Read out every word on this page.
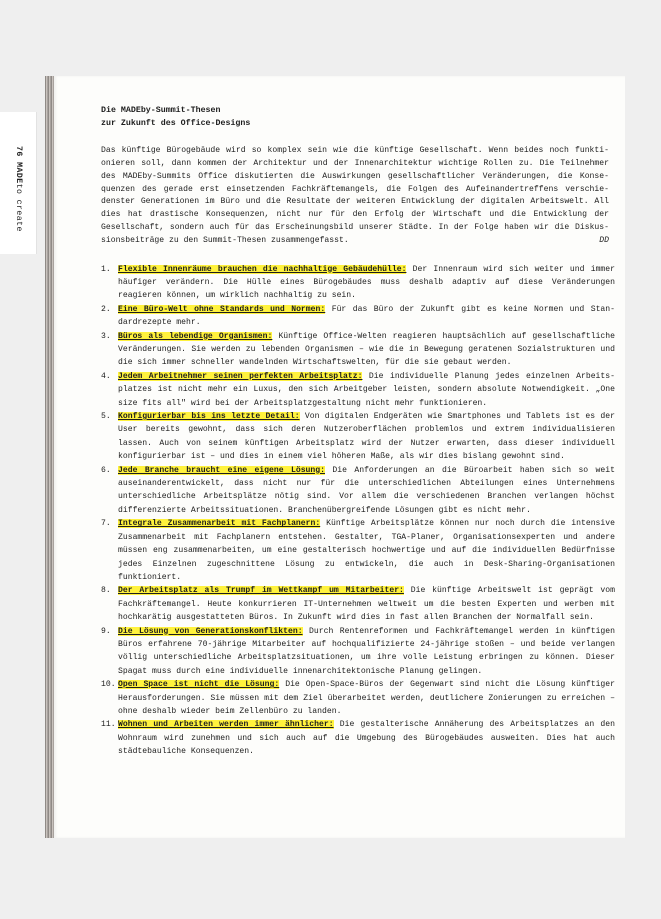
76 MADEto create
Die MADEby-Summit-Thesen
zur Zukunft des Office-Designs

Das künftige Bürogebäude wird so komplex sein wie die künftige Gesellschaft. Wenn beides noch funktionieren soll, dann kommen der Architektur und der Innenarchitektur wichtige Rollen zu. Die Teilnehmer des MADEby-Summits Office diskutierten die Auswirkungen gesellschaftlicher Veränderungen, die Konsequenzen des gerade erst einsetzenden Fachkräftemangels, die Folgen des Aufeinandertreffens verschiedenster Generationen im Büro und die Resultate der weiteren Entwicklung der digitalen Arbeitswelt. All dies hat drastische Konsequenzen, nicht nur für den Erfolg der Wirtschaft und die Entwicklung der Gesellschaft, sondern auch für das Erscheinungsbild unserer Städte. In der Folge haben wir die Diskussionsbeiträge zu den Summit-Thesen zusammengefasst.	DD

1. Flexible Innenräume brauchen die nachhaltige Gebäudehülle: Der Innenraum wird sich weiter und immer häufiger verändern. Die Hülle eines Bürogebäudes muss deshalb adaptiv auf diese Veränderungen reagieren können, um wirklich nachhaltig zu sein.
2. Eine Büro-Welt ohne Standards und Normen: Für das Büro der Zukunft gibt es keine Normen und Standardrezepte mehr.
3. Büros als lebendige Organismen: Künftige Office-Welten reagieren hauptsächlich auf gesellschaftliche Veränderungen. Sie werden zu lebenden Organismen – wie die in Bewegung geratenen Sozialstrukturen und die sich immer schneller wandelnden Wirtschaftswelten, für die sie gebaut werden.
4. Jedem Arbeitnehmer seinen perfekten Arbeitsplatz: Die individuelle Planung jedes einzelnen Arbeitsplatzes ist nicht mehr ein Luxus, den sich Arbeitgeber leisten, sondern absolute Notwendigkeit. „One size fits all" wird bei der Arbeitsplatzgestaltung nicht mehr funktionieren.
5. Konfigurierbar bis ins letzte Detail: Von digitalen Endgeräten wie Smartphones und Tablets ist es der User bereits gewohnt, dass sich deren Nutzeroberflächen problemlos und extrem individualisieren lassen. Auch von seinem künftigen Arbeitsplatz wird der Nutzer erwarten, dass dieser individuell konfigurierbar ist – und dies in einem viel höheren Maße, als wir dies bislang gewohnt sind.
6. Jede Branche braucht eine eigene Lösung: Die Anforderungen an die Büroarbeit haben sich so weit auseinanderentwickelt, dass nicht nur für die unterschiedlichen Abteilungen eines Unternehmens unterschiedliche Arbeitsplätze nötig sind. Vor allem die verschiedenen Branchen verlangen höchst differenzierte Arbeitssituationen. Branchenübergreifende Lösungen gibt es nicht mehr.
7. Integrale Zusammenarbeit mit Fachplanern: Künftige Arbeitsplätze können nur noch durch die intensive Zusammenarbeit mit Fachplanern entstehen. Gestalter, TGA-Planer, Organisationsexperten und andere müssen eng zusammenarbeiten, um eine gestalterisch hochwertige und auf die individuellen Bedürfnisse jedes Einzelnen zugeschnittene Lösung zu entwickeln, die auch in Desk-Sharing-Organisationen funktioniert.
8. Der Arbeitsplatz als Trumpf im Wettkampf um Mitarbeiter: Die künftige Arbeitswelt ist geprägt vom Fachkräftemangel. Heute konkurrieren IT-Unternehmen weltweit um die besten Experten und werben mit hochkarätig ausgestatteten Büros. In Zukunft wird dies in fast allen Branchen der Normalfall sein.
9. Die Lösung von Generationskonflikten: Durch Rentenreformen und Fachkräftemangel werden in künftigen Büros erfahrene 70-jährige Mitarbeiter auf hochqualifizierte 24-jährige stoßen – und beide verlangen völlig unterschiedliche Arbeitsplatzsituationen, um ihre volle Leistung erbringen zu können. Dieser Spagat muss durch eine individuelle innenarchitektonische Planung gelingen.
10. Open Space ist nicht die Lösung: Die Open-Space-Büros der Gegenwart sind nicht die Lösung künftiger Herausforderungen. Sie müssen mit dem Ziel überarbeitet werden, deutlichere Zonierungen zu erreichen – ohne deshalb wieder beim Zellenbüro zu landen.
11. Wohnen und Arbeiten werden immer ähnlicher: Die gestalterische Annäherung des Arbeitsplatzes an den Wohnraum wird zunehmen und sich auch auf die Umgebung des Bürogebäudes ausweiten. Dies hat auch städtebauliche Konsequenzen.
